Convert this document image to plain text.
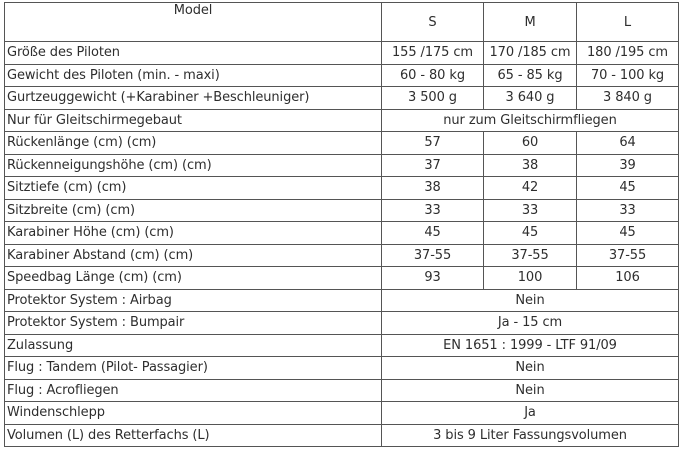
Model	S	M	L
Größe des Piloten	155 /175 cm	170 /185 cm	180 /195 cm
Gewicht des Piloten (min. - maxi)	60 - 80 kg	65 - 85 kg	70 - 100 kg
Gurtzeuggewicht (+Karabiner +Beschleuniger)	3 500 g	3 640 g	3 840 g
Nur für Gleitschirmegebaut	nur zum Gleitschirmfliegen		
Rückenlänge (cm) (cm)	57	60	64
Rückenneigungshöhe (cm) (cm)	37	38	39
Sitztiefe (cm) (cm)	38	42	45
Sitzbreite (cm) (cm)	33	33	33
Karabiner Höhe (cm) (cm)	45	45	45
Karabiner Abstand (cm) (cm)	37-55	37-55	37-55
Speedbag Länge (cm) (cm)	93	100	106
Protektor System : Airbag	Nein		
Protektor System : Bumpair	Ja - 15 cm		
Zulassung	EN 1651 : 1999 - LTF 91/09		
Flug : Tandem (Pilot- Passagier)	Nein		
Flug : Acrofliegen	Nein		
Windenschlepp	Ja		
Volumen (L) des Retterfachs (L)	3 bis 9 Liter Fassungsvolumen		
